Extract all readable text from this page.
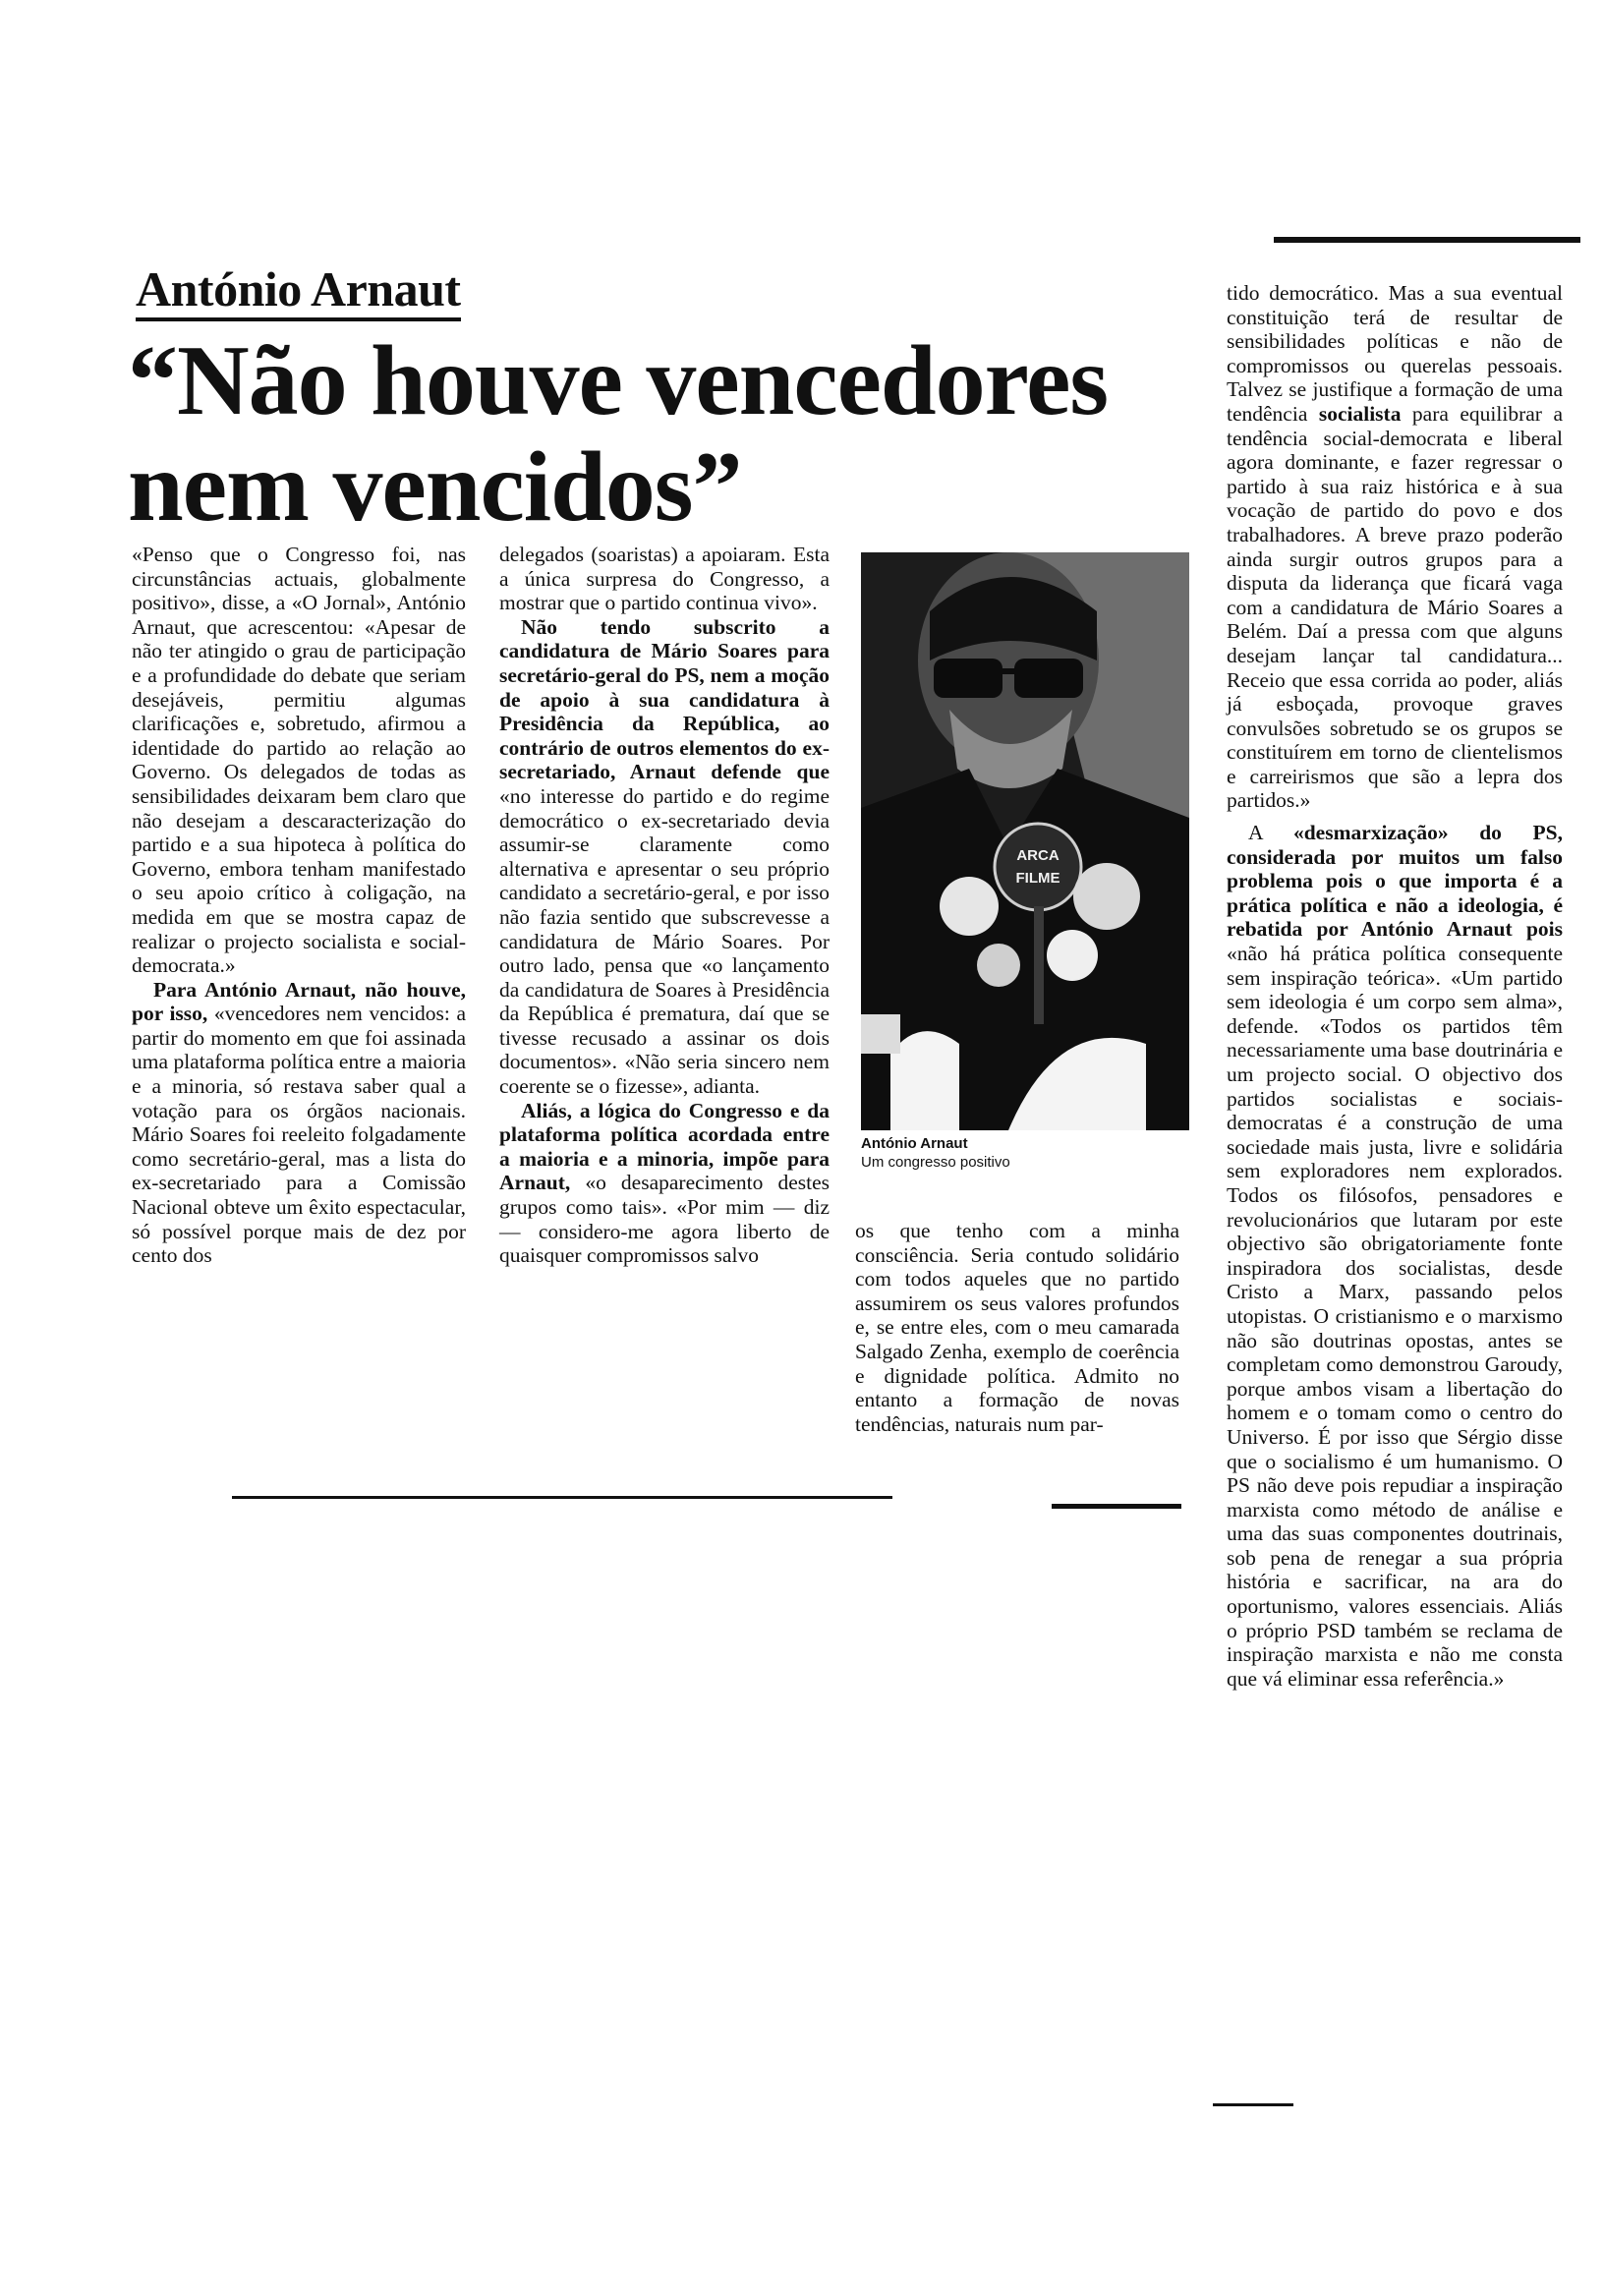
António Arnaut
“Não houve vencedores
nem vencidos”

«Penso que o Congresso foi, nas circunstâncias actuais, globalmente positivo», disse, a «O Jornal», António Arnaut, que acrescentou: «Apesar de não ter atingido o grau de participação e a profundidade do debate que seriam desejáveis, permitiu algumas clarificações e, sobretudo, afirmou a identidade do partido ao relação ao Governo. Os delegados de todas as sensibilidades deixaram bem claro que não desejam a descaracterização do partido e a sua hipoteca à política do Governo, embora tenham manifestado o seu apoio crítico à coligação, na medida em que se mostra capaz de realizar o projecto socialista e social-democrata.»

Para António Arnaut, não houve, por isso, «vencedores nem vencidos: a partir do momento em que foi assinada uma plataforma política entre a maioria e a minoria, só restava saber qual a votação para os órgãos nacionais. Mário Soares foi reeleito folgadamente como secretário-geral, mas a lista do ex-secretariado para a Comissão Nacional obteve um êxito espectacular, só possível porque mais de dez por cento dos

delegados (soaristas) a apoiaram. Esta a única surpresa do Congresso, a mostrar que o partido continua vivo».

Não tendo subscrito a candidatura de Mário Soares para secretário-geral do PS, nem a moção de apoio à sua candidatura à Presidência da República, ao contrário de outros elementos do ex-secretariado, Arnaut defende que «no interesse do partido e do regime democrático o ex-secretariado devia assumir-se claramente como alternativa e apresentar o seu próprio candidato a secretário-geral, e por isso não fazia sentido que subscrevesse a candidatura de Mário Soares. Por outro lado, pensa que «o lançamento da candidatura de Soares à Presidência da República é prematura, daí que se tivesse recusado a assinar os dois documentos». «Não seria sincero nem coerente se o fizesse», adianta.

Aliás, a lógica do Congresso e da plataforma política acordada entre a maioria e a minoria, impõe para Arnaut, «o desaparecimento destes grupos como tais». «Por mim — diz — considero-me agora liberto de quaisquer compromissos salvo

ARCA
FILME
António Arnaut
Um congresso positivo

os que tenho com a minha consciência. Seria contudo solidário com todos aqueles que no partido assumirem os seus valores profundos e, se entre eles, com o meu camarada Salgado Zenha, exemplo de coerência e dignidade política. Admito no entanto a formação de novas tendências, naturais num par-

tido democrático. Mas a sua eventual constituição terá de resultar de sensibilidades políticas e não de compromissos ou querelas pessoais. Talvez se justifique a formação de uma tendência socialista para equilibrar a tendência social-democrata e liberal agora dominante, e fazer regressar o partido à sua raiz histórica e à sua vocação de partido do povo e dos trabalhadores. A breve prazo poderão ainda surgir outros grupos para a disputa da liderança que ficará vaga com a candidatura de Mário Soares a Belém. Daí a pressa com que alguns desejam lançar tal candidatura... Receio que essa corrida ao poder, aliás já esboçada, provoque graves convulsões sobretudo se os grupos se constituírem em torno de clientelismos e carreirismos que são a lepra dos partidos.»

A «desmarxização» do PS, considerada por muitos um falso problema pois o que importa é a prática política e não a ideologia, é rebatida por António Arnaut pois «não há prática política consequente sem inspiração teórica». «Um partido sem ideologia é um corpo sem alma», defende. «Todos os partidos têm necessariamente uma base doutrinária e um projecto social. O objectivo dos partidos socialistas e sociais-democratas é a construção de uma sociedade mais justa, livre e solidária sem exploradores nem explorados. Todos os filósofos, pensadores e revolucionários que lutaram por este objectivo são obrigatoriamente fonte inspiradora dos socialistas, desde Cristo a Marx, passando pelos utopistas. O cristianismo e o marxismo não são doutrinas opostas, antes se completam como demonstrou Garoudy, porque ambos visam a libertação do homem e o tomam como o centro do Universo. É por isso que Sérgio disse que o socialismo é um humanismo. O PS não deve pois repudiar a inspiração marxista como método de análise e uma das suas componentes doutrinais, sob pena de renegar a sua própria história e sacrificar, na ara do oportunismo, valores essenciais. Aliás o próprio PSD também se reclama de inspiração marxista e não me consta que vá eliminar essa referência.»
